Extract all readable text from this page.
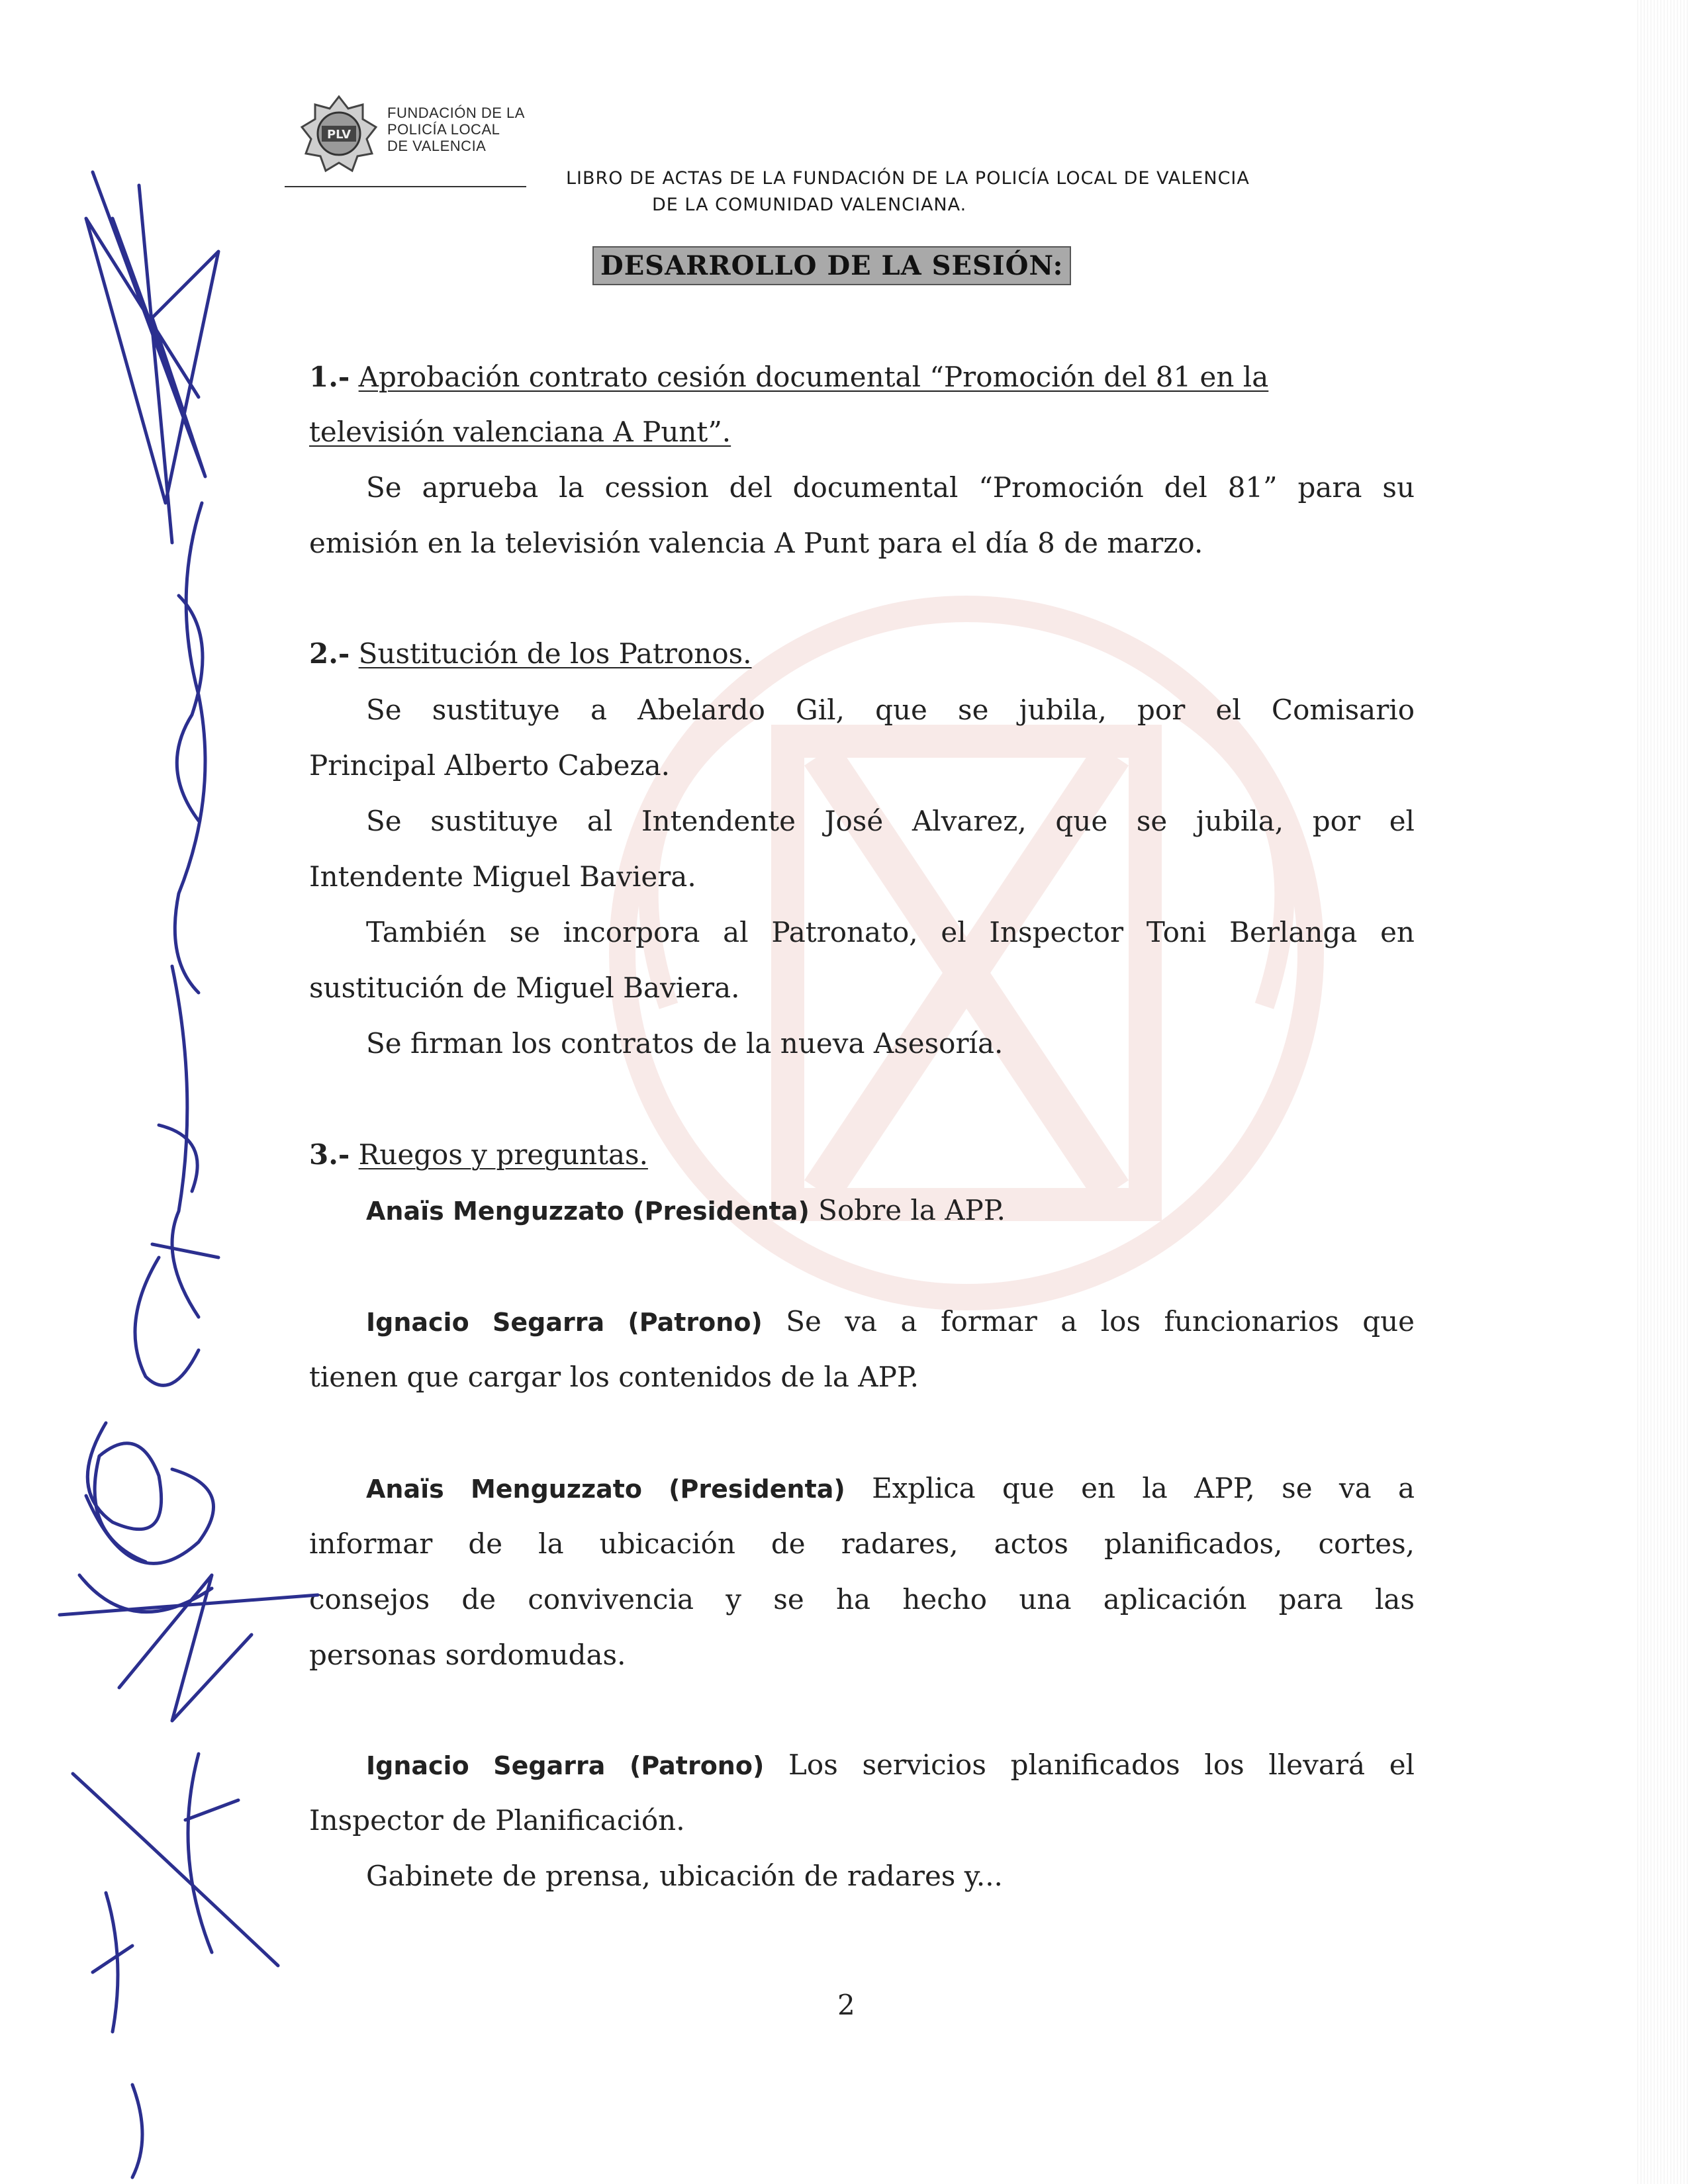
PLV
FUNDACIÓN DE LA
POLICÍA LOCAL
DE VALENCIA
LIBRO DE ACTAS DE LA FUNDACIÓN DE LA POLICÍA LOCAL DE VALENCIA
DE LA COMUNIDAD VALENCIANA.
DESARROLLO DE LA SESIÓN:
1.- Aprobación contrato cesión documental “Promoción del 81 en la
televisión valenciana A Punt”.
Se aprueba la cession del documental “Promoción del 81” para su
emisión en la televisión valencia A Punt para el día 8 de marzo.
2.- Sustitución de los Patronos.
Se sustituye a Abelardo Gil, que se jubila, por el Comisario
Principal Alberto Cabeza.
Se sustituye al Intendente José Alvarez, que se jubila, por el
Intendente Miguel Baviera.
También se incorpora al Patronato, el Inspector Toni Berlanga en
sustitución de Miguel Baviera.
Se firman los contratos de la nueva Asesoría.
3.- Ruegos y preguntas.
Anaïs Menguzzato (Presidenta) Sobre la APP.
Ignacio Segarra (Patrono) Se va a formar a los funcionarios que
tienen que cargar los contenidos de la APP.
Anaïs Menguzzato (Presidenta) Explica que en la APP, se va a
informar de la ubicación de radares, actos planificados, cortes,
consejos de convivencia y se ha hecho una aplicación para las
personas sordomudas.
Ignacio Segarra (Patrono) Los servicios planificados los llevará el
Inspector de Planificación.
Gabinete de prensa, ubicación de radares y...
2
